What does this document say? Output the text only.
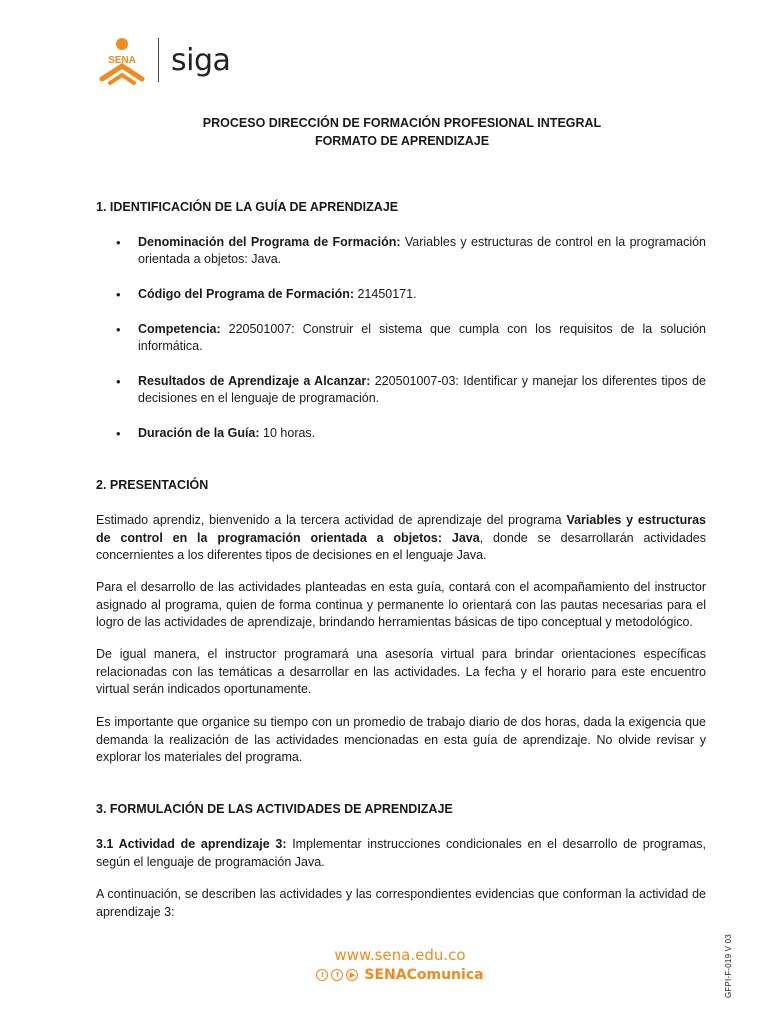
SENA siga
PROCESO DIRECCIÓN DE FORMACIÓN PROFESIONAL INTEGRAL
FORMATO DE APRENDIZAJE
1. IDENTIFICACIÓN DE LA GUÍA DE APRENDIZAJE
• Denominación del Programa de Formación: Variables y estructuras de control en la programación orientada a objetos: Java.
• Código del Programa de Formación: 21450171.
• Competencia: 220501007: Construir el sistema que cumpla con los requisitos de la solución informática.
• Resultados de Aprendizaje a Alcanzar: 220501007-03: Identificar y manejar los diferentes tipos de decisiones en el lenguaje de programación.
• Duración de la Guía: 10 horas.
2. PRESENTACIÓN
Estimado aprendiz, bienvenido a la tercera actividad de aprendizaje del programa Variables y estructuras de control en la programación orientada a objetos: Java, donde se desarrollarán actividades concernientes a los diferentes tipos de decisiones en el lenguaje Java.
Para el desarrollo de las actividades planteadas en esta guía, contará con el acompañamiento del instructor asignado al programa, quien de forma continua y permanente lo orientará con las pautas necesarias para el logro de las actividades de aprendizaje, brindando herramientas básicas de tipo conceptual y metodológico.
De igual manera, el instructor programará una asesoría virtual para brindar orientaciones específicas relacionadas con las temáticas a desarrollar en las actividades. La fecha y el horario para este encuentro virtual serán indicados oportunamente.
Es importante que organice su tiempo con un promedio de trabajo diario de dos horas, dada la exigencia que demanda la realización de las actividades mencionadas en esta guía de aprendizaje. No olvide revisar y explorar los materiales del programa.
3. FORMULACIÓN DE LAS ACTIVIDADES DE APRENDIZAJE
3.1 Actividad de aprendizaje 3: Implementar instrucciones condicionales en el desarrollo de programas, según el lenguaje de programación Java.
A continuación, se describen las actividades y las correspondientes evidencias que conforman la actividad de aprendizaje 3:
www.sena.edu.co
t	f	▶ SENAComunica	GFPI-F-019 V 03
